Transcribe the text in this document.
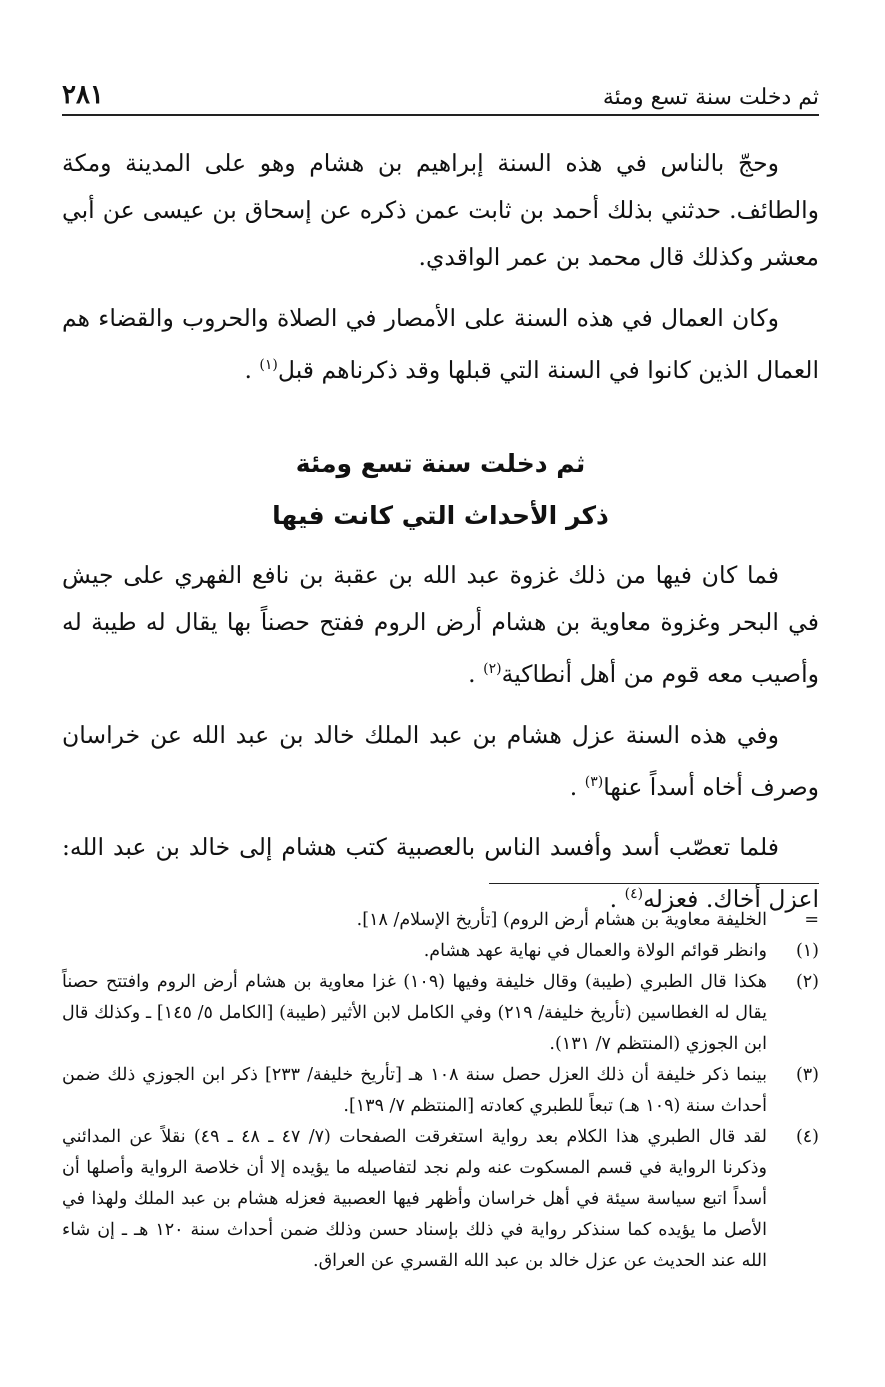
ثم دخلت سنة تسع ومئة
٢٨١

وحجّ بالناس في هذه السنة إبراهيم بن هشام وهو على المدينة ومكة والطائف. حدثني بذلك أحمد بن ثابت عمن ذكره عن إسحاق بن عيسى عن أبي معشر وكذلك قال محمد بن عمر الواقدي.

وكان العمال في هذه السنة على الأمصار في الصلاة والحروب والقضاء هم العمال الذين كانوا في السنة التي قبلها وقد ذكرناهم قبل$^{(١)}$ .

ثم دخلت سنة تسع ومئة
ذكر الأحداث التي كانت فيها

فما كان فيها من ذلك غزوة عبد الله بن عقبة بن نافع الفهري على جيش في البحر وغزوة معاوية بن هشام أرض الروم ففتح حصناً بها يقال له طيبة له وأصيب معه قوم من أهل أنطاكية$^{(٢)}$ .

وفي هذه السنة عزل هشام بن عبد الملك خالد بن عبد الله عن خراسان وصرف أخاه أسداً عنها$^{(٣)}$ .

فلما تعصّب أسد وأفسد الناس بالعصبية كتب هشام إلى خالد بن عبد الله: اعزل أخاك. فعزله$^{(٤)}$ .

=
الخليفة معاوية بن هشام أرض الروم) [تأريخ الإسلام/ ١٨].
(١)
وانظر قوائم الولاة والعمال في نهاية عهد هشام.
(٢)
هكذا قال الطبري (طيبة) وقال خليفة وفيها (١٠٩) غزا معاوية بن هشام أرض الروم وافتتح حصناً يقال له الغطاسين (تأريخ خليفة/ ٢١٩) وفي الكامل لابن الأثير (طيبة) [الكامل ٥/ ١٤٥] ـ وكذلك قال ابن الجوزي (المنتظم ٧/ ١٣١).
(٣)
بينما ذكر خليفة أن ذلك العزل حصل سنة ١٠٨ هـ [تأريخ خليفة/ ٢٣٣] ذكر ابن الجوزي ذلك ضمن أحداث سنة (١٠٩ هـ) تبعاً للطبري كعادته [المنتظم ٧/ ١٣٩].
(٤)
لقد قال الطبري هذا الكلام بعد رواية استغرقت الصفحات (٧/ ٤٧ ـ ٤٨ ـ ٤٩) نقلاً عن المدائني وذكرنا الرواية في قسم المسكوت عنه ولم نجد لتفاصيله ما يؤيده إلا أن خلاصة الرواية وأصلها أن أسداً اتبع سياسة سيئة في أهل خراسان وأظهر فيها العصبية فعزله هشام بن عبد الملك ولهذا في الأصل ما يؤيده كما سنذكر رواية في ذلك بإسناد حسن وذلك ضمن أحداث سنة ١٢٠ هـ ـ إن شاء الله عند الحديث عن عزل خالد بن عبد الله القسري عن العراق.
